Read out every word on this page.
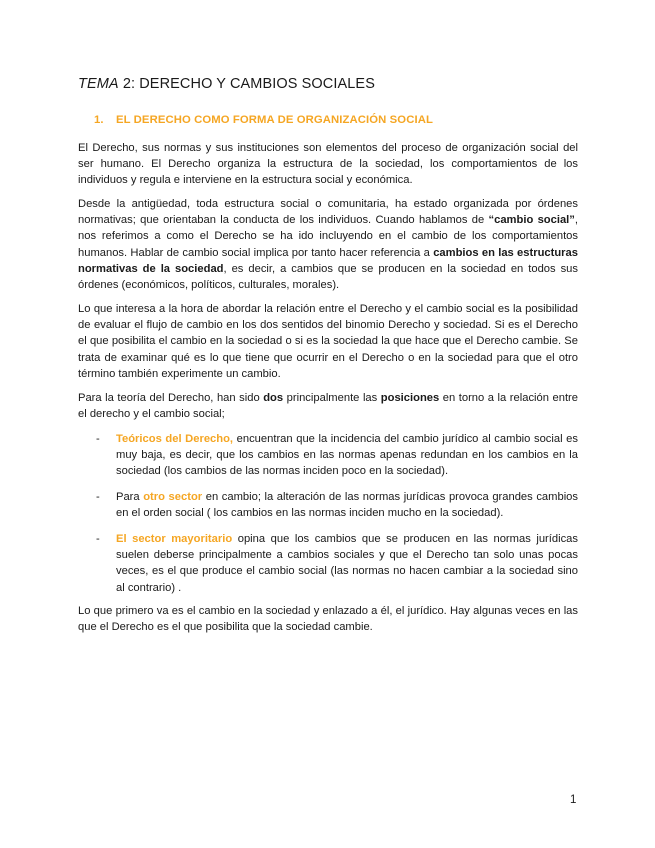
TEMA 2: DERECHO Y CAMBIOS SOCIALES
1. EL DERECHO COMO FORMA DE ORGANIZACIÓN SOCIAL

El Derecho, sus normas y sus instituciones son elementos del proceso de organización social del ser humano. El Derecho organiza la estructura de la sociedad, los comportamientos de los individuos y regula e interviene en la estructura social y económica.

Desde la antigüedad, toda estructura social o comunitaria, ha estado organizada por órdenes normativas; que orientaban la conducta de los individuos. Cuando hablamos de “cambio social”, nos referimos a como el Derecho se ha ido incluyendo en el cambio de los comportamientos humanos. Hablar de cambio social implica por tanto hacer referencia a cambios en las estructuras normativas de la sociedad, es decir, a cambios que se producen en la sociedad en todos sus órdenes (económicos, políticos, culturales, morales).

Lo que interesa a la hora de abordar la relación entre el Derecho y el cambio social es la posibilidad de evaluar el flujo de cambio en los dos sentidos del binomio Derecho y sociedad. Si es el Derecho el que posibilita el cambio en la sociedad o si es la sociedad la que hace que el Derecho cambie. Se trata de examinar qué es lo que tiene que ocurrir en el Derecho o en la sociedad para que el otro término también experimente un cambio.

Para la teoría del Derecho, han sido dos principalmente las posiciones en torno a la relación entre el derecho y el cambio social;

- Teóricos del Derecho, encuentran que la incidencia del cambio jurídico al cambio social es muy baja, es decir, que los cambios en las normas apenas redundan en los cambios en la sociedad (los cambios de las normas inciden poco en la sociedad).
- Para otro sector en cambio; la alteración de las normas jurídicas provoca grandes cambios en el orden social ( los cambios en las normas inciden mucho en la sociedad).
- El sector mayoritario opina que los cambios que se producen en las normas jurídicas suelen deberse principalmente a cambios sociales y que el Derecho tan solo unas pocas veces, es el que produce el cambio social (las normas no hacen cambiar a la sociedad sino al contrario) .

Lo que primero va es el cambio en la sociedad y enlazado a él, el jurídico. Hay algunas veces en las que el Derecho es el que posibilita que la sociedad cambie.

1
